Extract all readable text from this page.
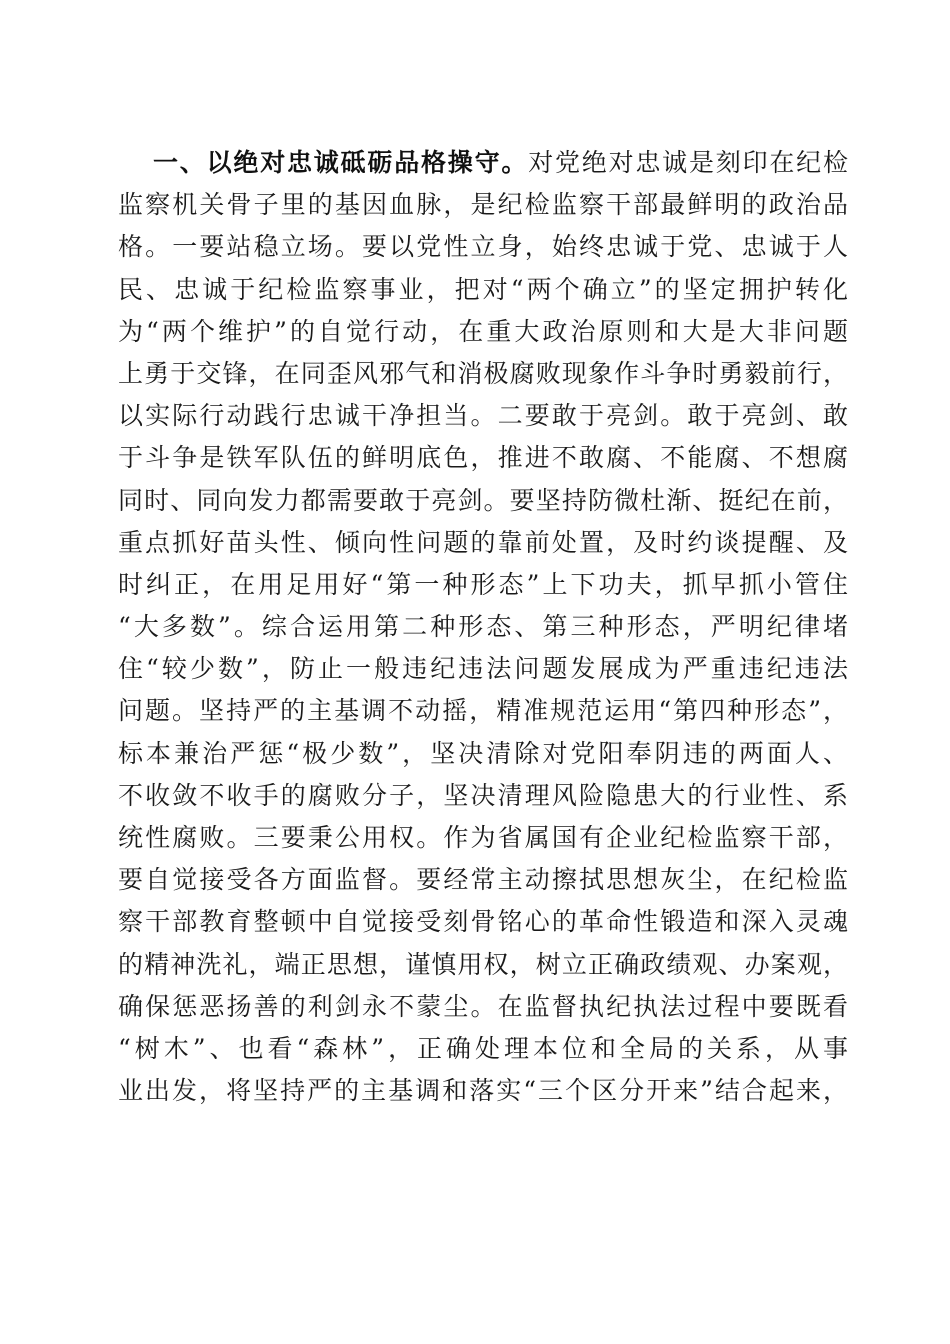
一、以绝对忠诚砥砺品格操守。对党绝对忠诚是刻印在纪检
监察机关骨子里的基因血脉，是纪检监察干部最鲜明的政治品
格。一要站稳立场。要以党性立身，始终忠诚于党、忠诚于人
民、忠诚于纪检监察事业，把对“两个确立”的坚定拥护转化
为“两个维护”的自觉行动，在重大政治原则和大是大非问题
上勇于交锋，在同歪风邪气和消极腐败现象作斗争时勇毅前行，
以实际行动践行忠诚干净担当。二要敢于亮剑。敢于亮剑、敢
于斗争是铁军队伍的鲜明底色，推进不敢腐、不能腐、不想腐
同时、同向发力都需要敢于亮剑。要坚持防微杜渐、挺纪在前，
重点抓好苗头性、倾向性问题的靠前处置，及时约谈提醒、及
时纠正，在用足用好“第一种形态”上下功夫，抓早抓小管住
“大多数”。综合运用第二种形态、第三种形态，严明纪律堵
住“较少数”，防止一般违纪违法问题发展成为严重违纪违法
问题。坚持严的主基调不动摇，精准规范运用“第四种形态”，
标本兼治严惩“极少数”，坚决清除对党阳奉阴违的两面人、
不收敛不收手的腐败分子，坚决清理风险隐患大的行业性、系
统性腐败。三要秉公用权。作为省属国有企业纪检监察干部，
要自觉接受各方面监督。要经常主动擦拭思想灰尘，在纪检监
察干部教育整顿中自觉接受刻骨铭心的革命性锻造和深入灵魂
的精神洗礼，端正思想，谨慎用权，树立正确政绩观、办案观，
确保惩恶扬善的利剑永不蒙尘。在监督执纪执法过程中要既看
“树木”、也看“森林”，正确处理本位和全局的关系，从事
业出发，将坚持严的主基调和落实“三个区分开来”结合起来，
